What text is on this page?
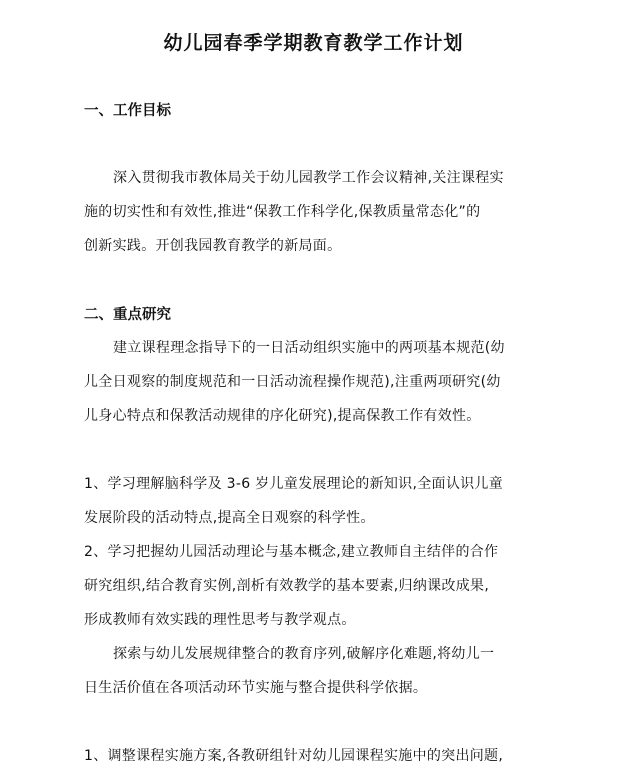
幼儿园春季学期教育教学工作计划
一、工作目标
深入贯彻我市教体局关于幼儿园教学工作会议精神,关注课程实
施的切实性和有效性,推进“保教工作科学化,保教质量常态化”的
创新实践。开创我园教育教学的新局面。
二、重点研究
建立课程理念指导下的一日活动组织实施中的两项基本规范(幼
儿全日观察的制度规范和一日活动流程操作规范),注重两项研究(幼
儿身心特点和保教活动规律的序化研究),提高保教工作有效性。
1、学习理解脑科学及 3-6 岁儿童发展理论的新知识,全面认识儿童
发展阶段的活动特点,提高全日观察的科学性。
2、学习把握幼儿园活动理论与基本概念,建立教师自主结伴的合作
研究组织,结合教育实例,剖析有效教学的基本要素,归纳课改成果,
形成教师有效实践的理性思考与教学观点。
探索与幼儿发展规律整合的教育序列,破解序化难题,将幼儿一
日生活价值在各项活动环节实施与整合提供科学依据。
1、调整课程实施方案,各教研组针对幼儿园课程实施中的突出问题,
